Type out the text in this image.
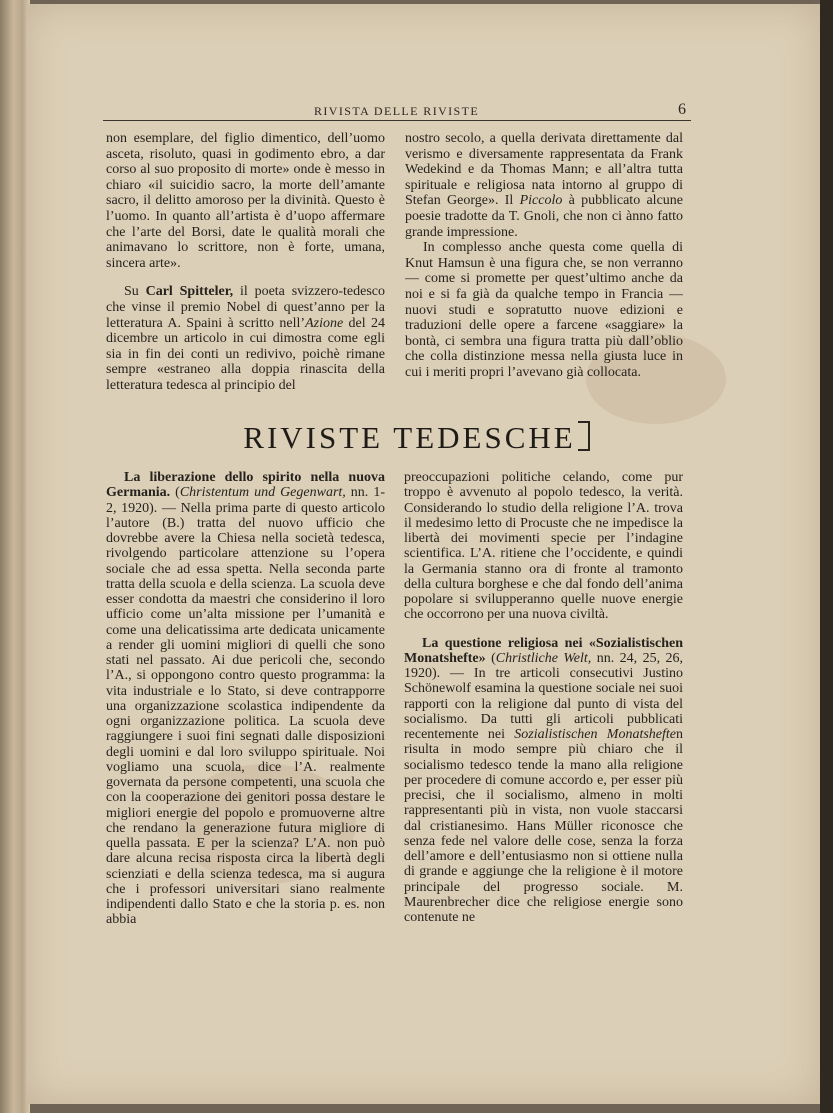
RIVISTA DELLE RIVISTE	6

non esemplare, del figlio dimentico, dell’uomo asceta, risoluto, quasi in godimento ebro, a dar corso al suo proposito di morte» onde è messo in chiaro «il suicidio sacro, la morte dell’amante sacro, il delitto amoroso per la divinità. Questo è l’uomo. In quanto all’artista è d’uopo affermare che l’arte del Borsi, date le qualità morali che animavano lo scrittore, non è forte, umana, sincera arte».

Su Carl Spitteler, il poeta svizzero-tedesco che vinse il premio Nobel di quest’anno per la letteratura A. Spaini à scritto nell’Azione del 24 dicembre un articolo in cui dimostra come egli sia in fin dei conti un redivivo, poichè rimane sempre «estraneo alla doppia rinascita della letteratura tedesca al principio del

nostro secolo, a quella derivata direttamente dal verismo e diversamente rappresentata da Frank Wedekind e da Thomas Mann; e all’altra tutta spirituale e religiosa nata intorno al gruppo di Stefan George». Il Piccolo à pubblicato alcune poesie tradotte da T. Gnoli, che non ci ànno fatto grande impressione.

In complesso anche questa come quella di Knut Hamsun è una figura che, se non verranno — come si promette per quest’ultimo anche da noi e si fa già da qualche tempo in Francia — nuovi studi e sopratutto nuove edizioni e traduzioni delle opere a farcene «saggiare» la bontà, ci sembra una figura tratta più dall’oblio che colla distinzione messa nella giusta luce in cui i meriti propri l’avevano già collocata.

RIVISTE TEDESCHE

La liberazione dello spirito nella nuova Germania. (Christentum und Gegenwart, nn. 1-2, 1920). — Nella prima parte di questo articolo l’autore (B.) tratta del nuovo ufficio che dovrebbe avere la Chiesa nella società tedesca, rivolgendo particolare attenzione su l’opera sociale che ad essa spetta. Nella seconda parte tratta della scuola e della scienza. La scuola deve esser condotta da maestri che considerino il loro ufficio come un’alta missione per l’umanità e come una delicatissima arte dedicata unicamente a render gli uomini migliori di quelli che sono stati nel passato. Ai due pericoli che, secondo l’A., si oppongono contro questo programma: la vita industriale e lo Stato, si deve contrapporre una organizzazione scolastica indipendente da ogni organizzazione politica. La scuola deve raggiungere i suoi fini segnati dalle disposizioni degli uomini e dal loro sviluppo spirituale. Noi vogliamo una scuola, dice l’A. realmente governata da persone competenti, una scuola che con la cooperazione dei genitori possa destare le migliori energie del popolo e promuoverne altre che rendano la generazione futura migliore di quella passata. E per la scienza? L’A. non può dare alcuna recisa risposta circa la libertà degli scienziati e della scienza tedesca, ma si augura che i professori universitari siano realmente indipendenti dallo Stato e che la storia p. es. non abbia

preoccupazioni politiche celando, come pur troppo è avvenuto al popolo tedesco, la verità. Considerando lo studio della religione l’A. trova il medesimo letto di Procuste che ne impedisce la libertà dei movimenti specie per l’indagine scientifica. L’A. ritiene che l’occidente, e quindi la Germania stanno ora di fronte al tramonto della cultura borghese e che dal fondo dell’anima popolare si svilupperanno quelle nuove energie che occorrono per una nuova civiltà.

La questione religiosa nei «Sozialistischen Monatshefte» (Christliche Welt, nn. 24, 25, 26, 1920). — In tre articoli consecutivi Justino Schönewolf esamina la questione sociale nei suoi rapporti con la religione dal punto di vista del socialismo. Da tutti gli articoli pubblicati recentemente nei Sozialistischen Monatsheften risulta in modo sempre più chiaro che il socialismo tedesco tende la mano alla religione per procedere di comune accordo e, per esser più precisi, che il socialismo, almeno in molti rappresentanti più in vista, non vuole staccarsi dal cristianesimo. Hans Müller riconosce che senza fede nel valore delle cose, senza la forza dell’amore e dell’entusiasmo non si ottiene nulla di grande e aggiunge che la religione è il motore principale del progresso sociale. M. Maurenbrecher dice che religiose energie sono contenute ne
